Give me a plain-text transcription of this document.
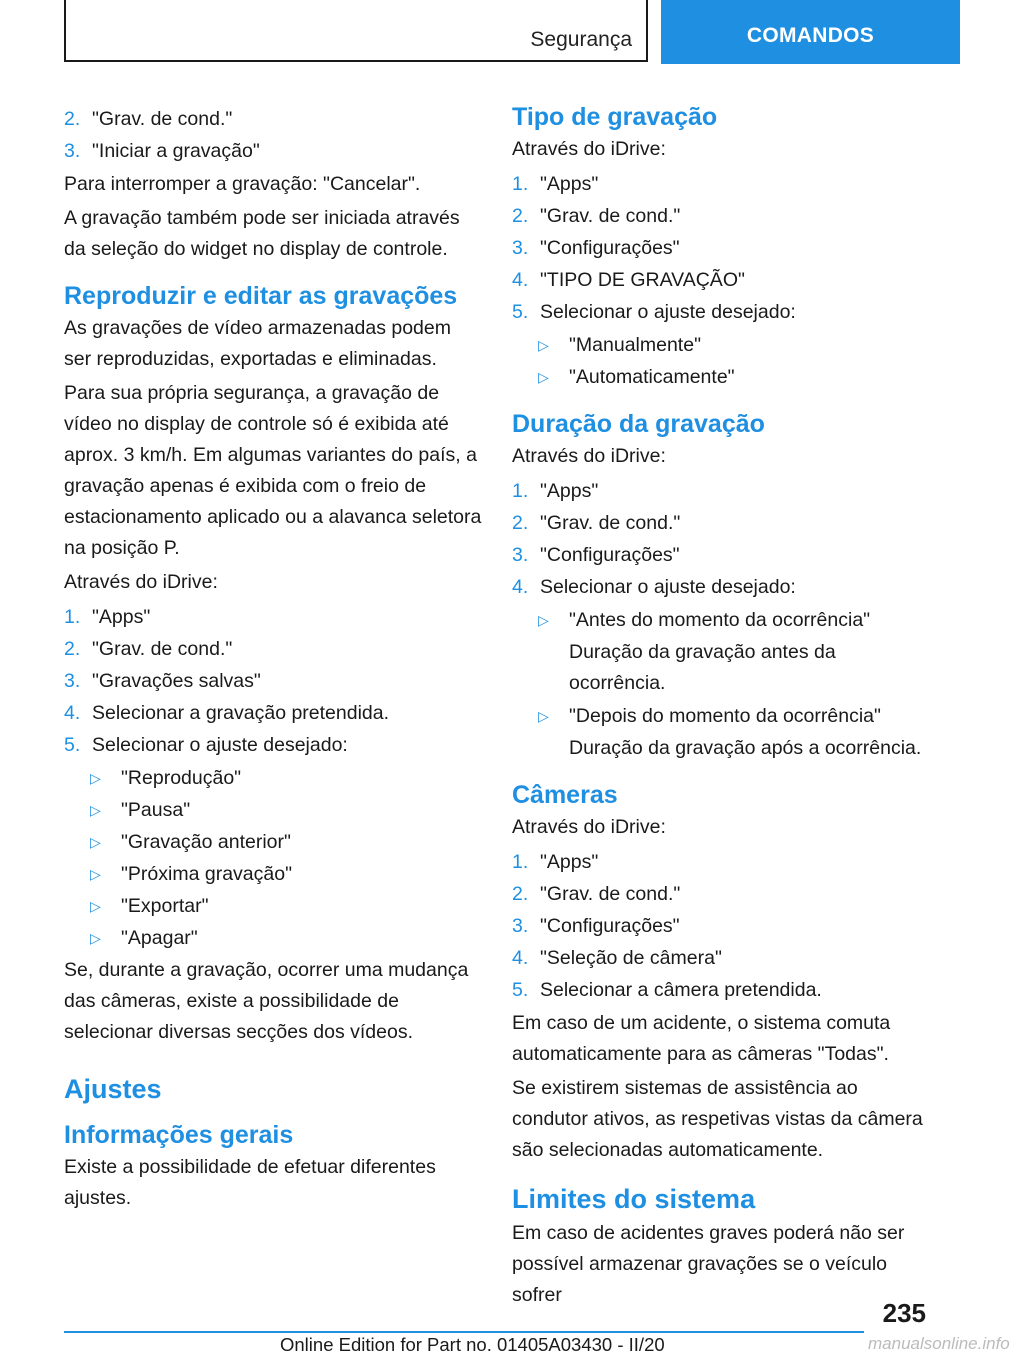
Segurança	COMANDOS
2. "Grav. de cond."
3. "Iniciar a gravação"

Para interromper a gravação: "Cancelar".

A gravação também pode ser iniciada através da seleção do widget no display de controle.

Reproduzir e editar as gravações

As gravações de vídeo armazenadas podem ser reproduzidas, exportadas e eliminadas.

Para sua própria segurança, a gravação de vídeo no display de controle só é exibida até aprox. 3 km/h. Em algumas variantes do país, a gravação apenas é exibida com o freio de estacionamento aplicado ou a alavanca seletora na posição P.

Através do iDrive:

1. "Apps"
2. "Grav. de cond."
3. "Gravações salvas"
4. Selecionar a gravação pretendida.
5. Selecionar o ajuste desejado:
▷ "Reprodução"
▷ "Pausa"
▷ "Gravação anterior"
▷ "Próxima gravação"
▷ "Exportar"
▷ "Apagar"

Se, durante a gravação, ocorrer uma mudança das câmeras, existe a possibilidade de selecionar diversas secções dos vídeos.

Ajustes
Informações gerais

Existe a possibilidade de efetuar diferentes ajustes.

Tipo de gravação

Através do iDrive:

1. "Apps"
2. "Grav. de cond."
3. "Configurações"
4. "TIPO DE GRAVAÇÃO"
5. Selecionar o ajuste desejado:
▷ "Manualmente"
▷ "Automaticamente"
Duração da gravação

Através do iDrive:

1. "Apps"
2. "Grav. de cond."
3. "Configurações"
4. Selecionar o ajuste desejado:
▷ "Antes do momento da ocorrência"
Duração da gravação antes da ocorrência.
▷ "Depois do momento da ocorrência"
Duração da gravação após a ocorrência.
Câmeras

Através do iDrive:

1. "Apps"
2. "Grav. de cond."
3. "Configurações"
4. "Seleção de câmera"
5. Selecionar a câmera pretendida.

Em caso de um acidente, o sistema comuta automaticamente para as câmeras "Todas".

Se existirem sistemas de assistência ao condutor ativos, as respetivas vistas da câmera são selecionadas automaticamente.

Limites do sistema

Em caso de acidentes graves poderá não ser possível armazenar gravações se o veículo sofrer

235
Online Edition for Part no. 01405A03430 - II/20	manualsonline.info
